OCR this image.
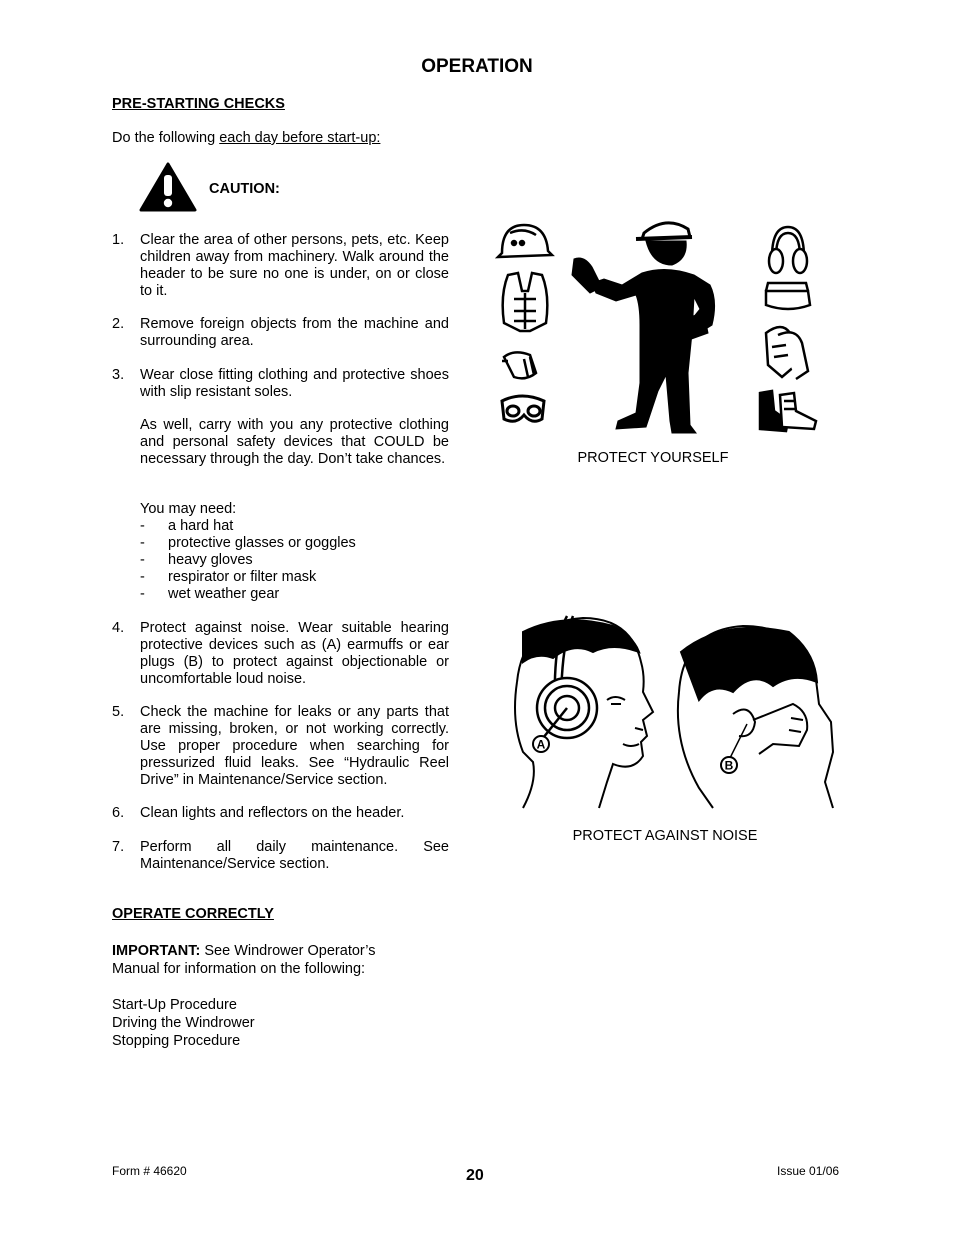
OPERATION
PRE-STARTING CHECKS
Do the following each day before start-up:
CAUTION:
1.	Clear the area of other persons, pets, etc. Keep children away from machinery. Walk around the header to be sure no one is under, on or close to it.
2.	Remove foreign objects from the machine and surrounding area.
3.	Wear close fitting clothing and protective shoes with slip resistant soles.
As well, carry with you any protective clothing and personal safety devices that COULD be necessary through the day. Don’t take chances.
You may need:
- a hard hat
- protective glasses or goggles
- heavy gloves
- respirator or filter mask
- wet weather gear
4.	Protect against noise. Wear suitable hearing protective devices such as (A) earmuffs or ear plugs (B) to protect against objectionable or uncomfortable loud noise.
5.	Check the machine for leaks or any parts that are missing, broken, or not working correctly. Use proper procedure when searching for pressurized fluid leaks. See “Hydraulic Reel Drive” in Maintenance/Service section.
6.	Clean lights and reflectors on the header.
7.	Perform all daily maintenance. See Maintenance/Service section.
OPERATE CORRECTLY
IMPORTANT: See Windrower Operator’s Manual for information on the following:
Start-Up Procedure
Driving the Windrower
Stopping Procedure
PROTECT YOURSELF
A
B
PROTECT AGAINST NOISE
Form # 46620	20	Issue 01/06
